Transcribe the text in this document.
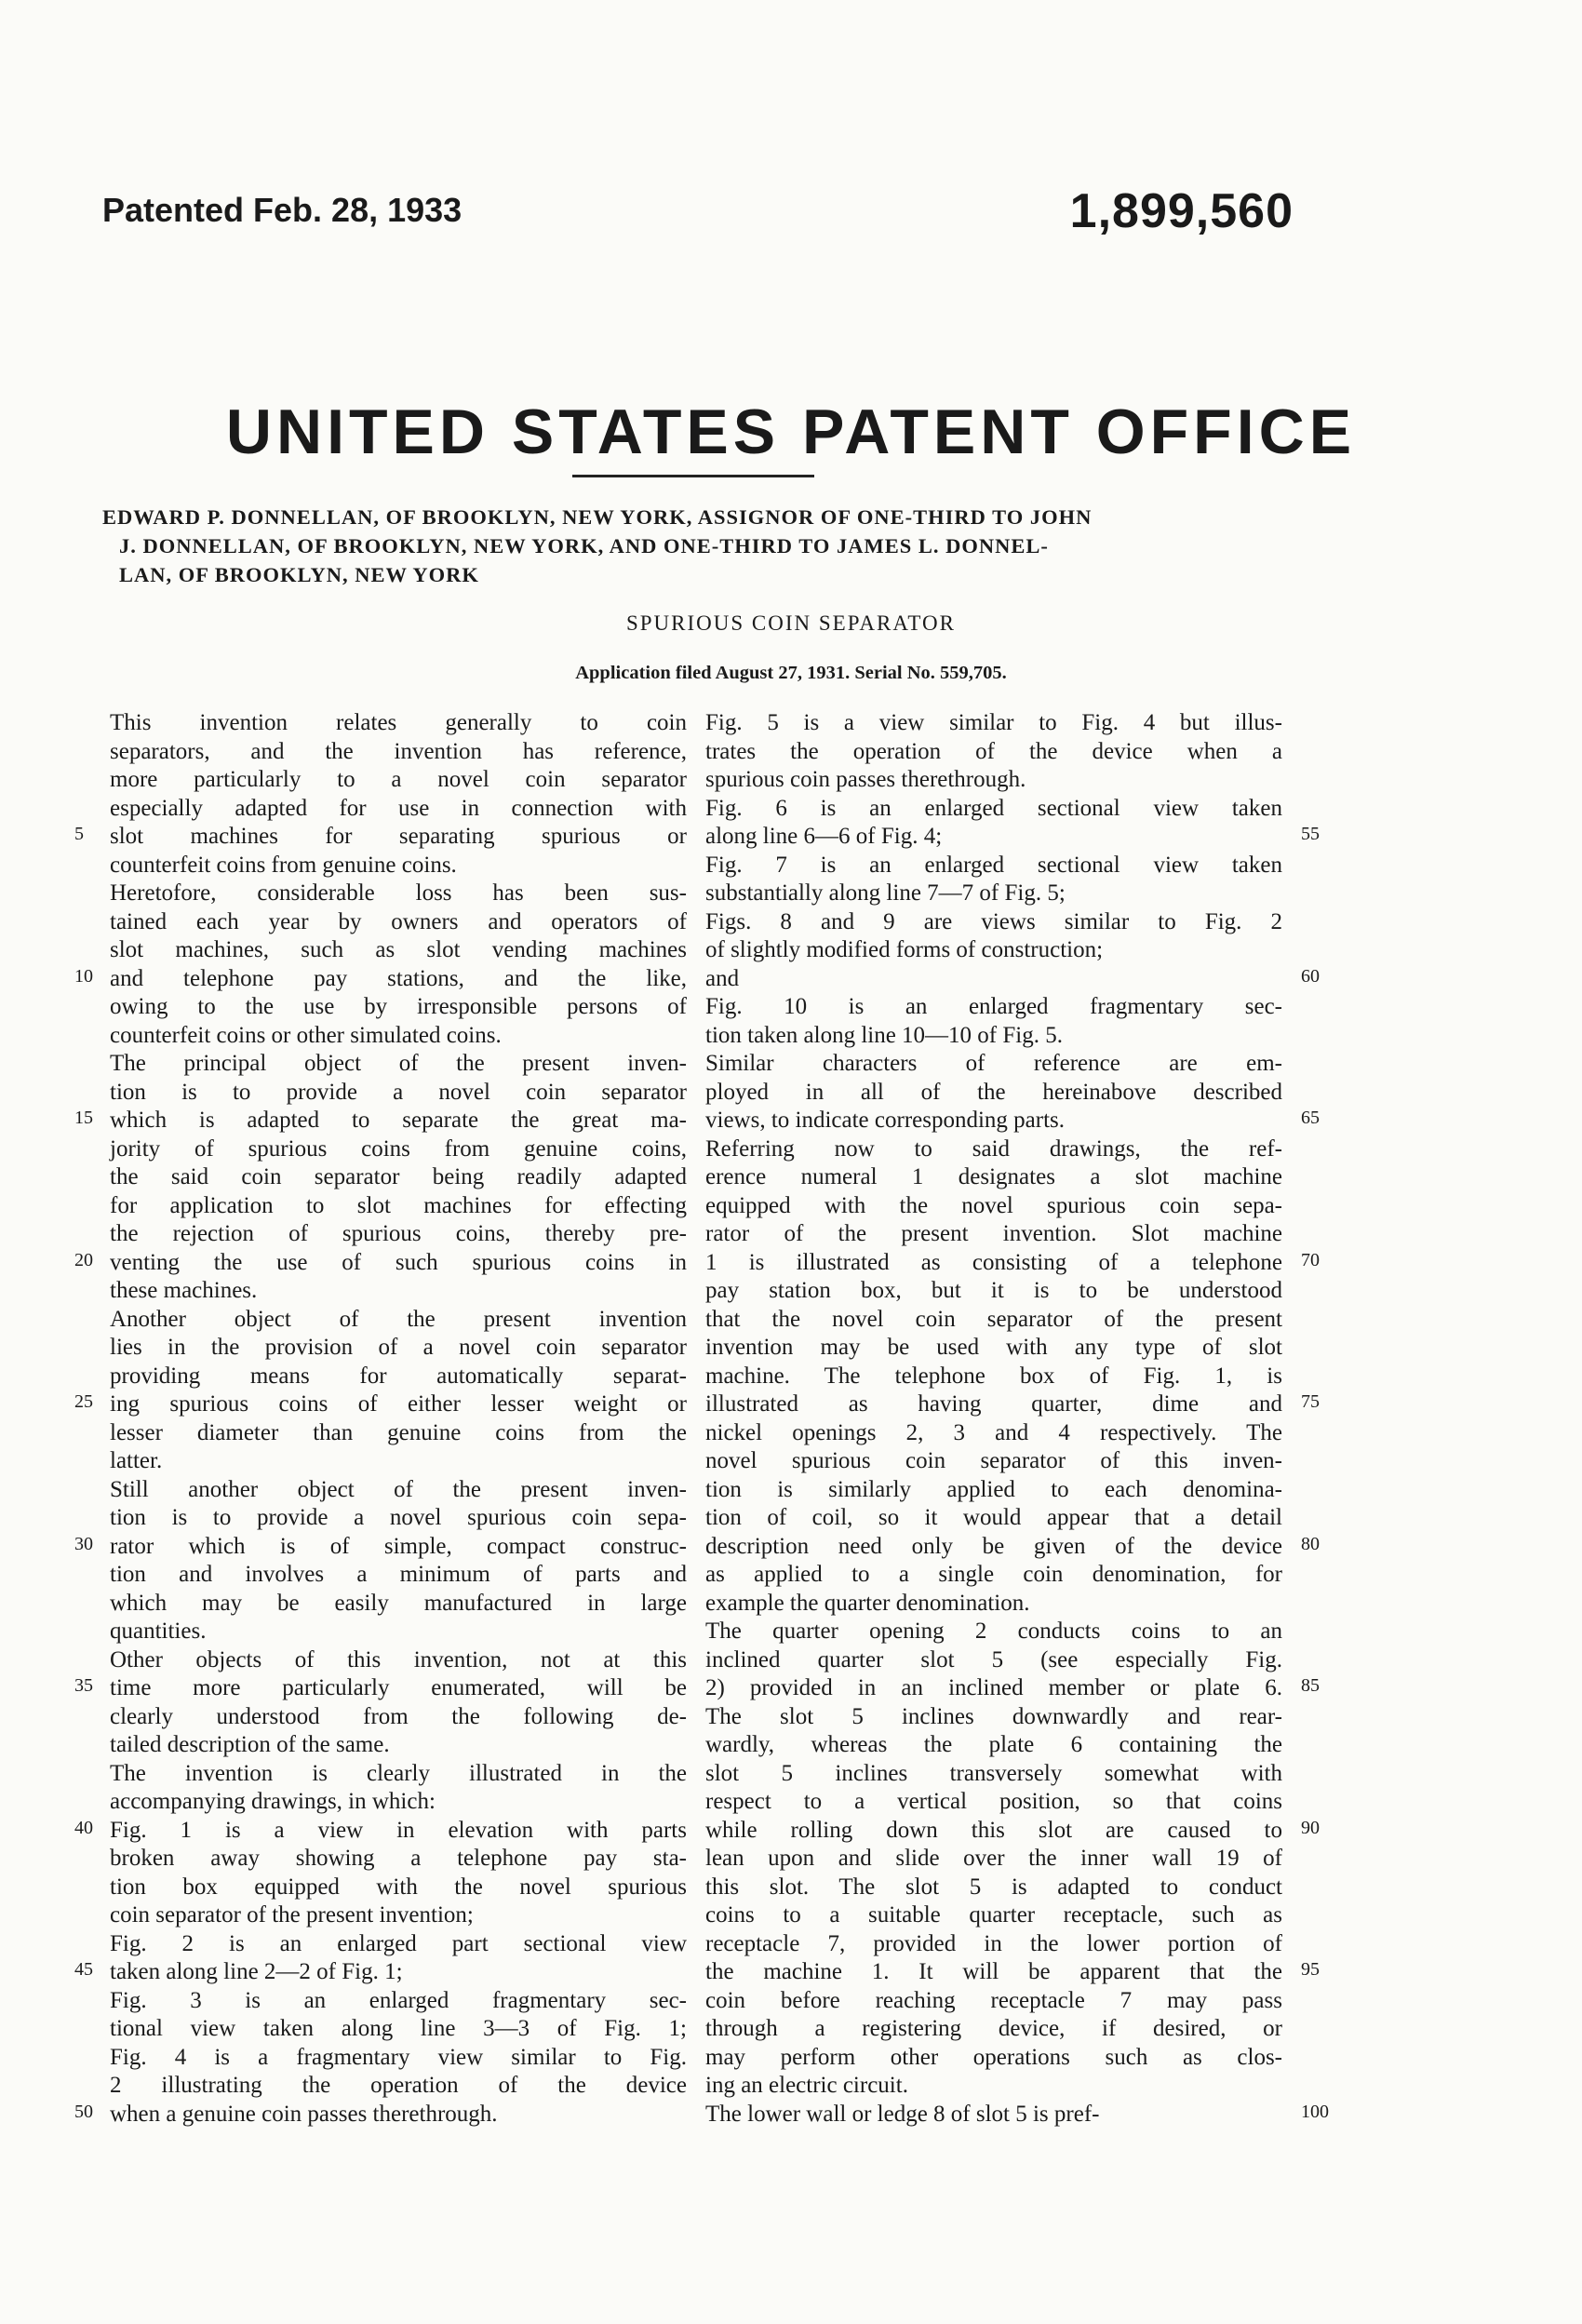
Patented Feb. 28, 1933	1,899,560
UNITED STATES PATENT OFFICE
EDWARD P. DONNELLAN, OF BROOKLYN, NEW YORK, ASSIGNOR OF ONE-THIRD TO JOHN
J. DONNELLAN, OF BROOKLYN, NEW YORK, AND ONE-THIRD TO JAMES L. DONNEL-
LAN, OF BROOKLYN, NEW YORK
SPURIOUS COIN SEPARATOR
Application filed August 27, 1931. Serial No. 559,705.
This invention relates generally to coin
separators, and the invention has reference,
more particularly to a novel coin separator
especially adapted for use in connection with
slot machines for separating spurious or
counterfeit coins from genuine coins.
Heretofore, considerable loss has been sus-
tained each year by owners and operators of
slot machines, such as slot vending machines
and telephone pay stations, and the like,
owing to the use by irresponsible persons of
counterfeit coins or other simulated coins.
The principal object of the present inven-
tion is to provide a novel coin separator
which is adapted to separate the great ma-
jority of spurious coins from genuine coins,
the said coin separator being readily adapted
for application to slot machines for effecting
the rejection of spurious coins, thereby pre-
venting the use of such spurious coins in
these machines.
Another object of the present invention
lies in the provision of a novel coin separator
providing means for automatically separat-
ing spurious coins of either lesser weight or
lesser diameter than genuine coins from the
latter.
Still another object of the present inven-
tion is to provide a novel spurious coin sepa-
rator which is of simple, compact construc-
tion and involves a minimum of parts and
which may be easily manufactured in large
quantities.
Other objects of this invention, not at this
time more particularly enumerated, will be
clearly understood from the following de-
tailed description of the same.
The invention is clearly illustrated in the
accompanying drawings, in which:
Fig. 1 is a view in elevation with parts
broken away showing a telephone pay sta-
tion box equipped with the novel spurious
coin separator of the present invention;
Fig. 2 is an enlarged part sectional view
taken along line 2—2 of Fig. 1;
Fig. 3 is an enlarged fragmentary sec-
tional view taken along line 3—3 of Fig. 1;
Fig. 4 is a fragmentary view similar to Fig.
2 illustrating the operation of the device
when a genuine coin passes therethrough.
Fig. 5 is a view similar to Fig. 4 but illus-
trates the operation of the device when a
spurious coin passes therethrough.
Fig. 6 is an enlarged sectional view taken
along line 6—6 of Fig. 4;
Fig. 7 is an enlarged sectional view taken
substantially along line 7—7 of Fig. 5;
Figs. 8 and 9 are views similar to Fig. 2
of slightly modified forms of construction;
and
Fig. 10 is an enlarged fragmentary sec-
tion taken along line 10—10 of Fig. 5.
Similar characters of reference are em-
ployed in all of the hereinabove described
views, to indicate corresponding parts.
Referring now to said drawings, the ref-
erence numeral 1 designates a slot machine
equipped with the novel spurious coin sepa-
rator of the present invention. Slot machine
1 is illustrated as consisting of a telephone
pay station box, but it is to be understood
that the novel coin separator of the present
invention may be used with any type of slot
machine. The telephone box of Fig. 1, is
illustrated as having quarter, dime and
nickel openings 2, 3 and 4 respectively. The
novel spurious coin separator of this inven-
tion is similarly applied to each denomina-
tion of coil, so it would appear that a detail
description need only be given of the device
as applied to a single coin denomination, for
example the quarter denomination.
The quarter opening 2 conducts coins to an
inclined quarter slot 5 (see especially Fig.
2) provided in an inclined member or plate 6.
The slot 5 inclines downwardly and rear-
wardly, whereas the plate 6 containing the
slot 5 inclines transversely somewhat with
respect to a vertical position, so that coins
while rolling down this slot are caused to
lean upon and slide over the inner wall 19 of
this slot. The slot 5 is adapted to conduct
coins to a suitable quarter receptacle, such as
receptacle 7, provided in the lower portion of
the machine 1. It will be apparent that the
coin before reaching receptacle 7 may pass
through a registering device, if desired, or
may perform other operations such as clos-
ing an electric circuit.
The lower wall or ledge 8 of slot 5 is pref-
5
10
15
20
25
30
35
40
45
50
55
60
65
70
75
80
85
90
95
100
